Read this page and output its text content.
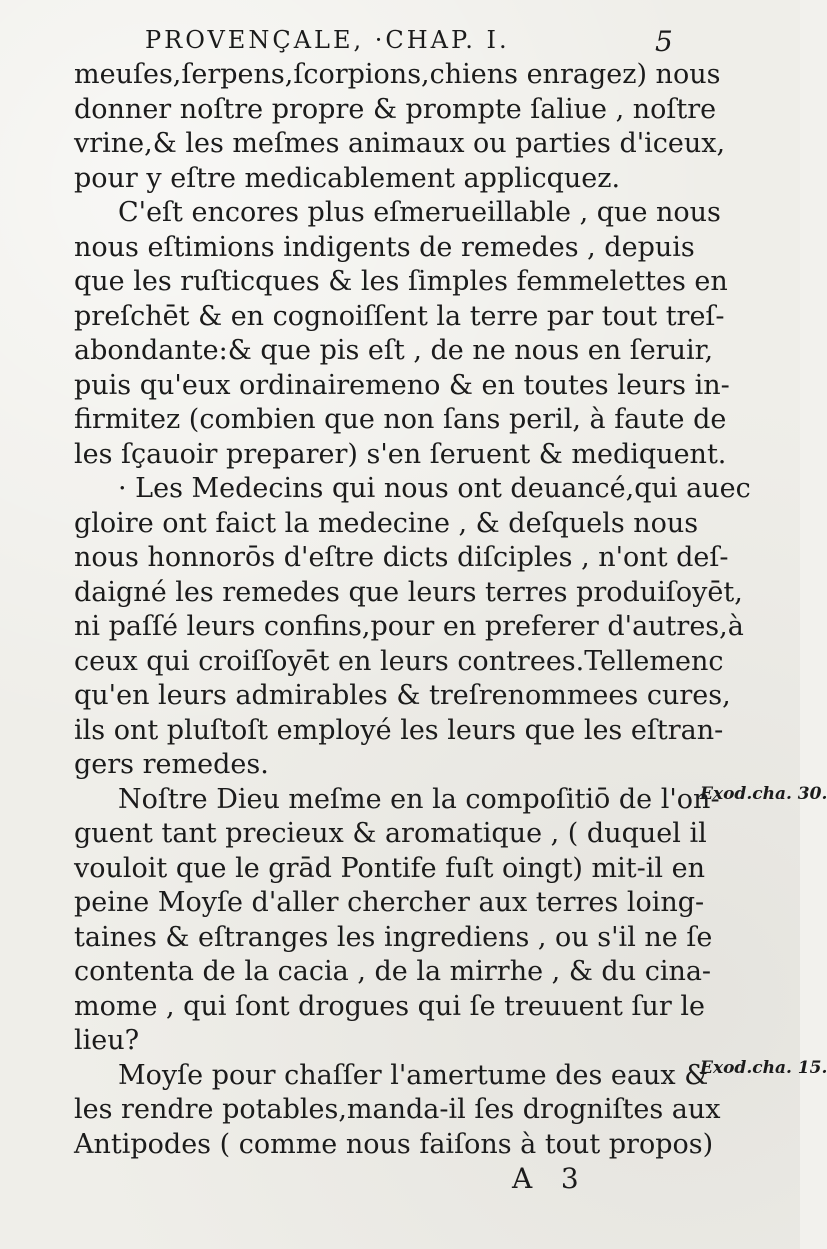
PROVENÇALE, ·CHAP. I.	5
meuſes,ſerpens,ſcorpions,chiens enragez) nous
donner noſtre propre & prompte ſaliue , noſtre
vrine,& les meſmes animaux ou parties d'iceux,
pour y eſtre medicablement applicquez.
C'eſt encores plus eſmerueillable , que nous
nous eſtimions indigents de remedes , depuis
que les ruſticques & les ſimples femmelettes en
preſchēt & en cognoiſſent la terre par tout treſ-
abondante:& que pis eſt , de ne nous en ſeruir,
puis qu'eux ordinairemeno & en toutes leurs in-
firmitez (combien que non ſans peril, à faute de
les ſçauoir preparer) s'en ſeruent & mediquent.
· Les Medecins qui nous ont deuancé,qui auec
gloire ont faict la medecine , & deſquels nous
nous honnorōs d'eſtre dicts diſciples , n'ont deſ-
daigné les remedes que leurs terres produiſoyēt,
ni paſſé leurs confins,pour en preferer d'autres,à
ceux qui croiſſoyēt en leurs contrees.Tellemenc
qu'en leurs admirables & treſrenommees cures,
ils ont pluſtoſt employé les leurs que les eſtran-
gers remedes.
Noſtre Dieu meſme en la compoſitiō de l'on-
guent tant precieux & aromatique , ( duquel il
vouloit que le grād Pontife fuſt oingt) mit-il en
peine Moyſe d'aller chercher aux terres loing-
taines & eſtranges les ingrediens , ou s'il ne ſe
contenta de la cacia , de la mirrhe , & du cina-
mome , qui ſont drogues qui ſe treuuent ſur le
lieu?
Moyſe pour chaſſer l'amertume des eaux &
les rendre potables,manda-il ſes drogniſtes aux
Antipodes ( comme nous faiſons à tout propos)
Exod.cha. 30.
Exod.cha. 15.
A 3
